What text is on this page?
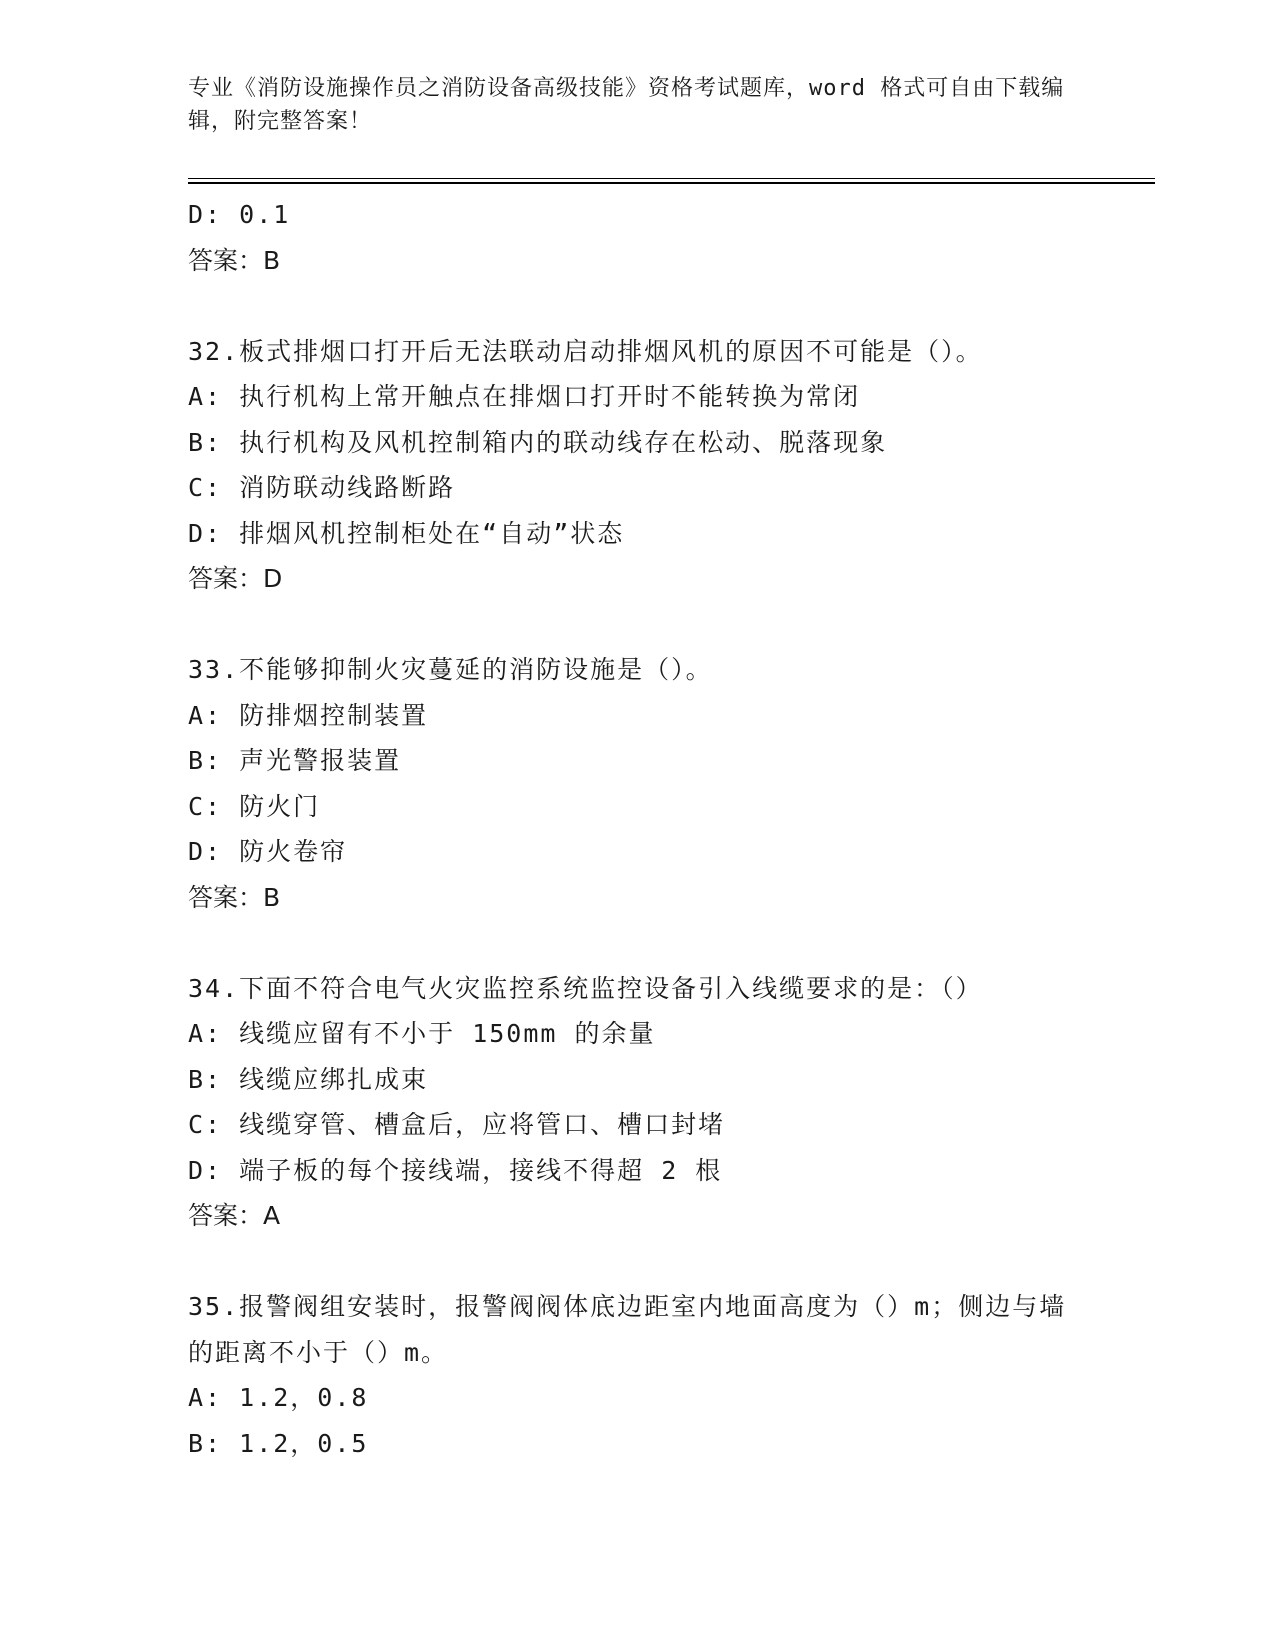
专业《消防设施操作员之消防设备高级技能》资格考试题库，word 格式可自由下载编辑，附完整答案！
D: 0.1
答案：B
32.板式排烟口打开后无法联动启动排烟风机的原因不可能是（）。
A: 执行机构上常开触点在排烟口打开时不能转换为常闭
B: 执行机构及风机控制箱内的联动线存在松动、脱落现象
C: 消防联动线路断路
D: 排烟风机控制柜处在“自动”状态
答案：D
33.不能够抑制火灾蔓延的消防设施是（）。
A: 防排烟控制装置
B: 声光警报装置
C: 防火门
D: 防火卷帘
答案：B
34.下面不符合电气火灾监控系统监控设备引入线缆要求的是：（）
A: 线缆应留有不小于 150mm 的余量
B: 线缆应绑扎成束
C: 线缆穿管、槽盒后，应将管口、槽口封堵
D: 端子板的每个接线端，接线不得超 2 根
答案：A
35.报警阀组安装时，报警阀阀体底边距室内地面高度为（）m；侧边与墙的距离不小于（）m。
A: 1.2，0.8
B: 1.2，0.5
